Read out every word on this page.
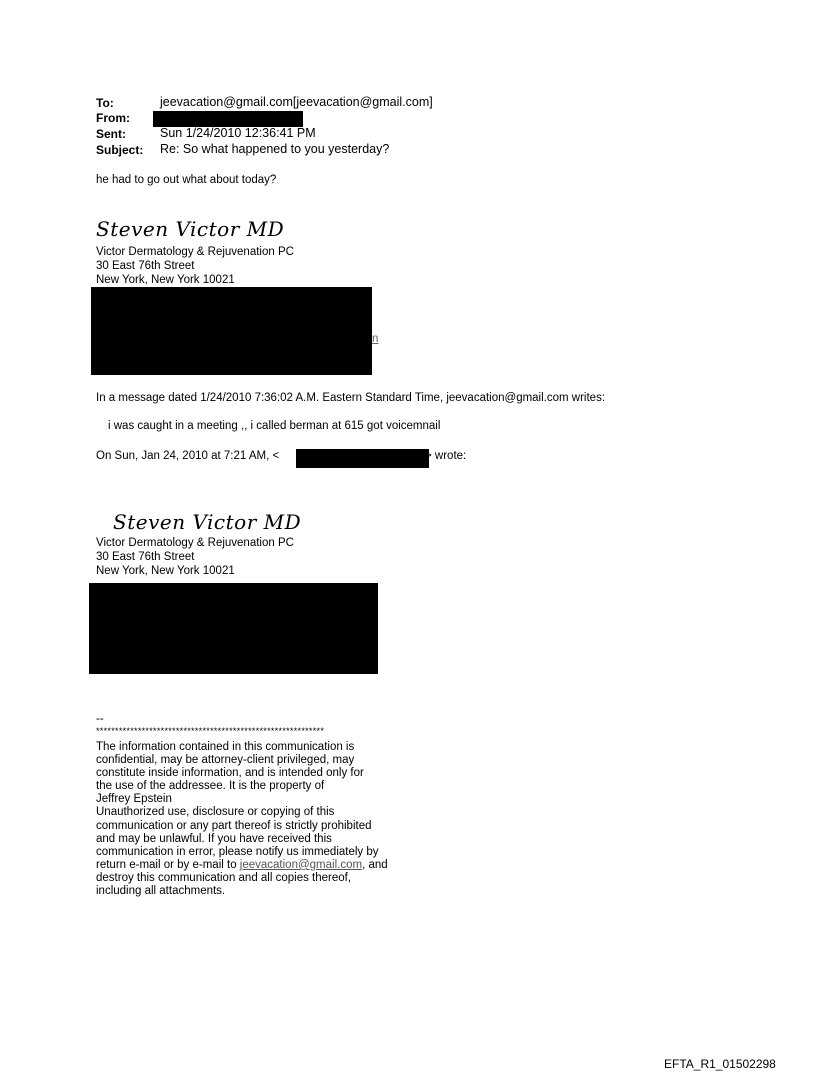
To:	jeevacation@gmail.com[jeevacation@gmail.com]
From:
Sent:	Sun 1/24/2010 12:36:41 PM
Subject: Re: So what happened to you yesterday?
he had to go out what about today?
Steven Victor MD
Victor Dermatology & Rejuvenation PC
30 East 76th Street
New York, New York 10021
n
In a message dated 1/24/2010 7:36:02 A.M. Eastern Standard Time, jeevacation@gmail.com writes:
i was caught in a meeting ,, i called berman at 615 got voicemnail
On Sun, Jan 24, 2010 at 7:21 AM, <	> wrote:
Steven Victor MD
Victor Dermatology & Rejuvenation PC
30 East 76th Street
New York, New York 10021
--
************************************************************
The information contained in this communication is
confidential, may be attorney-client privileged, may
constitute inside information, and is intended only for
the use of the addressee. It is the property of
Jeffrey Epstein
Unauthorized use, disclosure or copying of this
communication or any part thereof is strictly prohibited
and may be unlawful. If you have received this
communication in error, please notify us immediately by
return e-mail or by e-mail to jeevacation@gmail.com, and
destroy this communication and all copies thereof,
including all attachments.
EFTA_R1_01502298
